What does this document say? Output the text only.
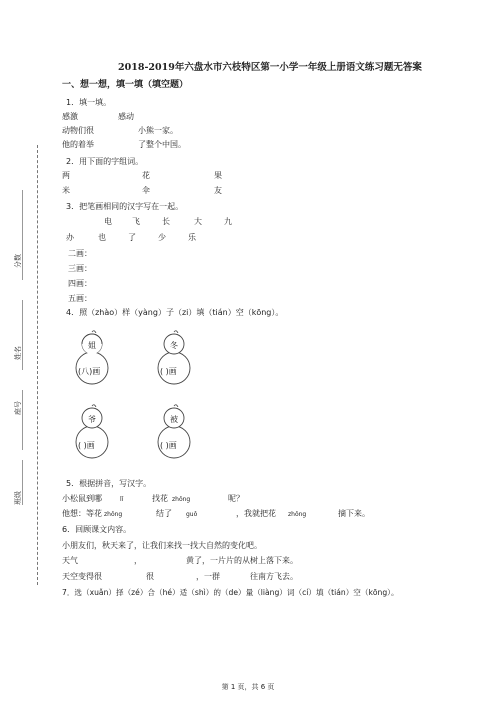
分数
姓名
座号
班级
2018-2019年六盘水市六枝特区第一小学一年级上册语文练习题无答案
一、想一想，填一填（填空题）
1．填一填。
感激	感动
动物们很	小熊一家。
他的着举	了整个中国。
2．用下面的字组词。
两	花	果
米	伞	友
3．把笔画相同的汉字写在一起。
电	飞	长	大	九
办	也	了	少	乐
二画：
三画：
四画：
五画：
4．照（zhào）样（yàng）子（zi）填（tián）空（kōng）。
姐
(八)画
冬
( )画
爷
( )画
被
( )画
5．根据拼音，写汉字。
小松鼠到哪	lǐ	找花 zhǒng	呢？
他想：等花 zhǒng	结了 guǒ	，我就把花 zhǒng	摘下来。
6．回顾课文内容。
小朋友们，秋天来了，让我们来找一找大自然的变化吧。
天气	，	黄了，一片片的从树上落下来。
天空变得很	很	，一群	往南方飞去。
7．选（xuǎn）择（zé）合（hé）适（shì）的（de）量（liàng）词（cí）填（tián）空（kōng）。
第 1 页，共 6 页
